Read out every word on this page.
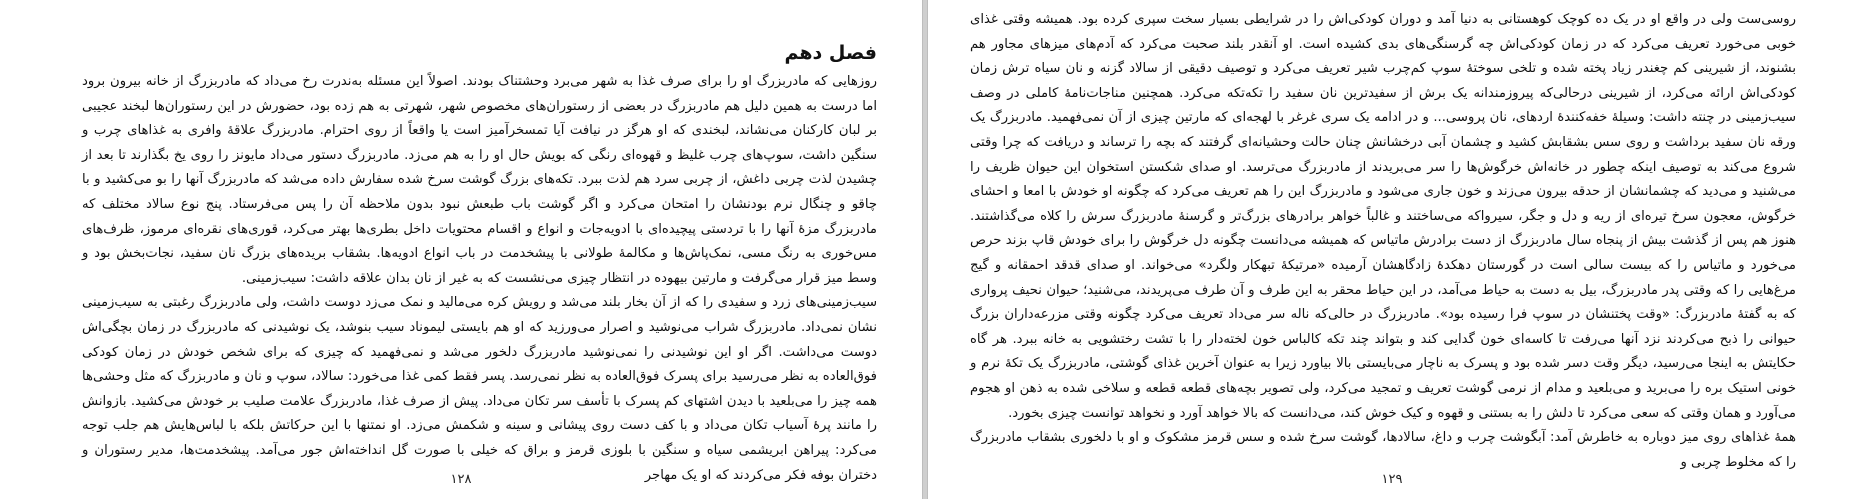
فصل دهم

روزهایی که مادربزرگ او را برای صرف غذا به شهر می‌برد وحشتناک بودند. اصولاً این مسئله به‌ندرت رخ می‌داد که مادربزرگ از خانه بیرون برود اما درست به همین دلیل هم مادربزرگ در بعضی از رستوران‌های مخصوص شهر، شهرتی به هم زده بود، حضورش در این رستوران‌ها لبخند عجیبی بر لبان کارکنان می‌نشاند، لبخندی که او هرگز در نیافت آیا تمسخرآمیز است یا واقعاً از روی احترام. مادربزرگ علاقهٔ وافری به غذاهای چرب و سنگین داشت، سوپ‌های چرب غلیظ و قهوه‌ای رنگی که بویش حال او را به هم می‌زد. مادربزرگ دستور می‌داد مایونز را روی یخ بگذارند تا بعد از چشیدن لذت چربی داغش، از چربی سرد هم لذت ببرد. تکه‌های بزرگ گوشت سرخ شده سفارش داده می‌شد که مادربزرگ آنها را بو می‌کشید و با چاقو و چنگال نرم بودنشان را امتحان می‌کرد و اگر گوشت باب طبعش نبود بدون ملاحظه آن را پس می‌فرستاد. پنج نوع سالاد مختلف که مادربزرگ مزهٔ آنها را با تردستی پیچیده‌ای با ادویه‌جات و انواع و اقسام محتویات داخل بطری‌ها بهتر می‌کرد، قوری‌های نقره‌ای مرموز، ظرف‌های مس‌خوری به رنگ مسی، نمک‌پاش‌ها و مکالمهٔ طولانی با پیشخدمت در باب انواع ادویه‌ها. بشقاب بریده‌های بزرگ نان سفید، نجات‌بخش بود و وسط میز قرار می‌گرفت و مارتین بیهوده در انتظار چیزی می‌نشست که به غیر از نان بدان علاقه داشت: سیب‌زمینی.

سیب‌زمینی‌های زرد و سفیدی را که از آن بخار بلند می‌شد و رویش کره می‌مالید و نمک می‌زد دوست داشت، ولی مادربزرگ رغبتی به سیب‌زمینی نشان نمی‌داد. مادربزرگ شراب می‌نوشید و اصرار می‌ورزید که او هم بایستی لیموناد سیب بنوشد، یک نوشیدنی که مادربزرگ در زمان بچگی‌اش دوست می‌داشت. اگر او این نوشیدنی را نمی‌نوشید مادربزرگ دلخور می‌شد و نمی‌فهمید که چیزی که برای شخص خودش در زمان کودکی فوق‌العاده به نظر می‌رسید برای پسرک فوق‌العاده به نظر نمی‌رسد. پسر فقط کمی غذا می‌خورد: سالاد، سوپ و نان و مادربزرگ که مثل وحشی‌ها همه چیز را می‌بلعید با دیدن اشتهای کم پسرک با تأسف سر تکان می‌داد. پیش از صرف غذا، مادربزرگ علامت صلیب بر خودش می‌کشید. بازوانش را مانند پرهٔ آسیاب تکان می‌داد و با کف دست روی پیشانی و سینه و شکمش می‌زد. او نمتنها با این حرکاتش بلکه با لباس‌هایش هم جلب توجه می‌کرد: پیراهن ابریشمی سیاه و سنگین با بلوزی قرمز و براق که خیلی با صورت گل انداخته‌اش جور می‌آمد. پیشخدمت‌ها، مدیر رستوران و دختران بوفه فکر می‌کردند که او یک مهاجر

۱۲۸

روسی‌ست ولی در واقع او در یک ده کوچک کوهستانی به دنیا آمد و دوران کودکی‌اش را در شرایطی بسیار سخت سپری کرده بود. همیشه وقتی غذای خوبی می‌خورد تعریف می‌کرد که در زمان کودکی‌اش چه گرسنگی‌های بدی کشیده است. او آنقدر بلند صحبت می‌کرد که آدم‌های میزهای مجاور هم بشنوند، از شیرینی کم چغندر زیاد پخته شده و تلخی سوختهٔ سوپ کم‌چرب شیر تعریف می‌کرد و توصیف دقیقی از سالاد گزنه و نان سیاه ترش زمان کودکی‌اش ارائه می‌کرد، از شیرینی درحالی‌که پیروزمندانه یک برش از سفیدترین نان سفید را تکه‌تکه می‌کرد. همچنین مناجات‌نامهٔ کاملی در وصف سیب‌زمینی در چنته داشت: وسیلهٔ خفه‌کنندهٔ اردهای، نان پروسی... و در ادامه یک سری غرغر با لهجه‌ای که مارتین چیزی از آن نمی‌فهمید. مادربزرگ یک ورقه نان سفید برداشت و روی سس بشقابش کشید و چشمان آبی درخشانش چنان حالت وحشیانه‌ای گرفتند که بچه را ترساند و دریافت که چرا وقتی شروع می‌کند به توصیف اینکه چطور در خانه‌اش خرگوش‌ها را سر می‌بریدند از مادربزرگ می‌ترسد. او صدای شکستن استخوان این حیوان ظریف را می‌شنید و می‌دید که چشمانشان از حدقه بیرون می‌زند و خون جاری می‌شود و مادربزرگ این را هم تعریف می‌کرد که چگونه او خودش با امعا و احشای خرگوش، معجون سرخ تیره‌ای از ریه و دل و جگر، سیرواکه می‌ساختند و غالباً خواهر برادرهای بزرگ‌تر و گرسنهٔ مادربزرگ سرش را کلاه می‌گذاشتند. هنوز هم پس از گذشت بیش از پنجاه سال مادربزرگ از دست برادرش ماتیاس که همیشه می‌دانست چگونه دل خرگوش را برای خودش قاپ بزند حرص می‌خورد و ماتیاس را که بیست سالی است در گورستان دهکدهٔ زادگاهشان آرمیده «مرتیکهٔ تبهکار ولگرد» می‌خواند. او صدای قدقد احمقانه و گیج مرغ‌هایی را که وقتی پدر مادربزرگ، بیل به دست به حیاط می‌آمد، در این حیاط محقر به این طرف و آن طرف می‌پریدند، می‌شنید؛ حیوان نحیف پرواری که به گفتهٔ مادربزرگ: «وقت پختنشان در سوپ فرا رسیده بود». مادربزرگ در حالی‌که ناله سر می‌داد تعریف می‌کرد چگونه وقتی مزرعه‌داران بزرگ حیوانی را ذبح می‌کردند نزد آنها می‌رفت تا کاسه‌ای خون گدایی کند و بتواند چند تکه کالباس خون لخته‌دار را با تشت رختشویی به خانه ببرد. هر گاه حکایتش به اینجا می‌رسید، دیگر وقت دسر شده بود و پسرک به ناچار می‌بایستی بالا بیاورد زیرا به عنوان آخرین غذای گوشتی، مادربزرگ یک تکهٔ نرم و خونی استیک بره را می‌برید و می‌بلعید و مدام از نرمی گوشت تعریف و تمجید می‌کرد، ولی تصویر بچه‌های قطعه قطعه و سلاخی شده به ذهن او هجوم می‌آورد و همان وقتی که سعی می‌کرد تا دلش را به بستنی و قهوه و کیک خوش کند، می‌دانست که بالا خواهد آورد و نخواهد توانست چیزی بخورد.

همهٔ غذاهای روی میز دوباره به خاطرش آمد: آبگوشت چرب و داغ، سالادها، گوشت سرخ شده و سس قرمز مشکوک و او با دلخوری بشقاب مادربزرگ را که مخلوط چربی و

۱۲۹
